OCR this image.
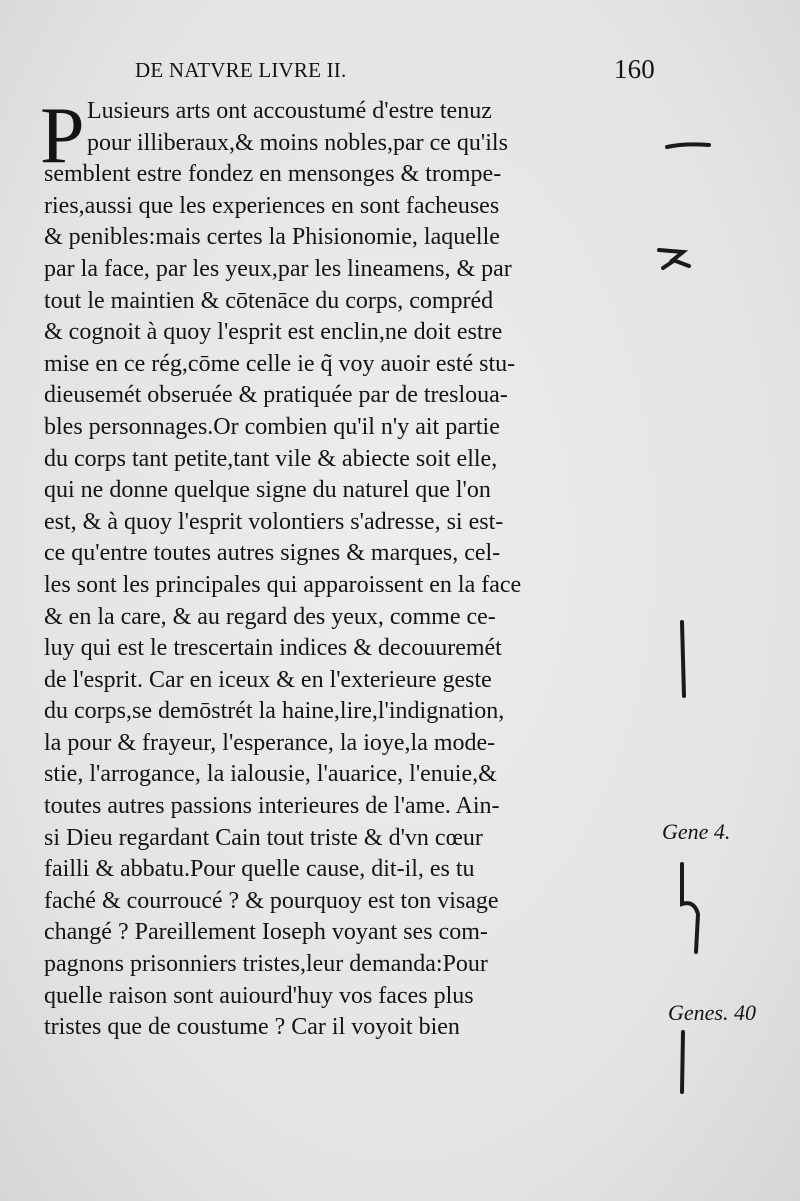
DE NATVRE LIVRE II.	160
P Lusieurs arts ont accoustumé d'estre tenuz
pour illiberaux,& moins nobles,par ce qu'ils
semblent estre fondez en mensonges & trompe-
ries,aussi que les experiences en sont facheuses
& penibles:mais certes la Phisionomie, laquelle
par la face, par les yeux,par les lineamens, & par
tout le maintien & cōtenāce du corps, compréd
& cognoit à quoy l'esprit est enclin,ne doit estre
mise en ce rég,cōme celle ie q̃ voy auoir esté stu-
dieusemét obseruée & pratiquée par de tresloua-
bles personnages.Or combien qu'il n'y ait partie
du corps tant petite,tant vile & abiecte soit elle,
qui ne donne quelque signe du naturel que l'on
est, & à quoy l'esprit volontiers s'adresse, si est-
ce qu'entre toutes autres signes & marques, cel-
les sont les principales qui apparoissent en la face
& en la care, & au regard des yeux, comme ce-
luy qui est le trescertain indices & decouuremét
de l'esprit. Car en iceux & en l'exterieure geste
du corps,se demōstrét la haine,lire,l'indignation,
la pour & frayeur, l'esperance, la ioye,la mode-
stie, l'arrogance, la ialousie, l'auarice, l'enuie,&
toutes autres passions interieures de l'ame. Ain-
si Dieu regardant Cain tout triste & d'vn cœur
failli & abbatu.Pour quelle cause, dit-il, es tu
faché & courroucé ? & pourquoy est ton visage
changé ? Pareillement Ioseph voyant ses com-
pagnons prisonniers tristes,leur demanda:Pour
quelle raison sont auiourd'huy vos faces plus
tristes que de coustume ? Car il voyoit bien
Gene 4.
Genes. 40
